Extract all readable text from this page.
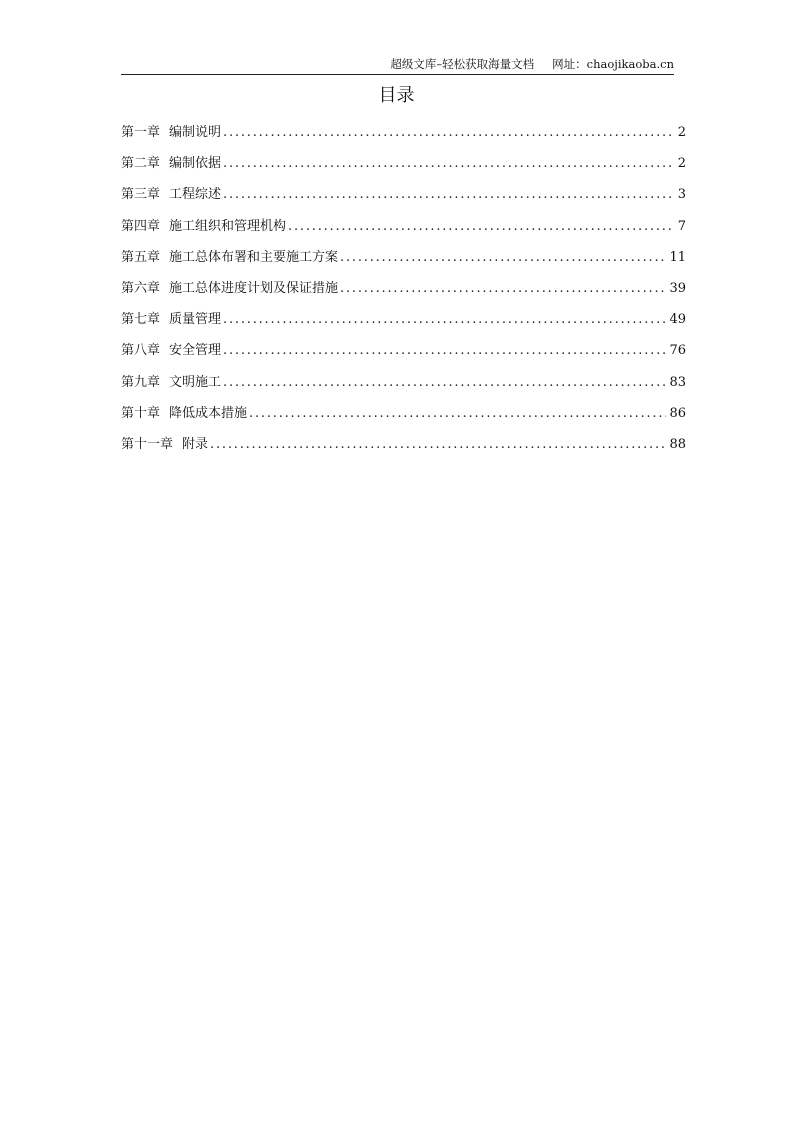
超级文库–轻松获取海量文档 网址：chaojikaoba.cn
目录
第一章 编制说明 .....	2
第二章 编制依据 .....	2
第三章 工程综述 .....	3
第四章 施工组织和管理机构 .....	7
第五章 施工总体布署和主要施工方案 .....	11
第六章 施工总体进度计划及保证措施 .....	39
第七章 质量管理 .....	49
第八章 安全管理 .....	76
第九章 文明施工 .....	83
第十章 降低成本措施 .....	86
第十一章 附录 .....	88
